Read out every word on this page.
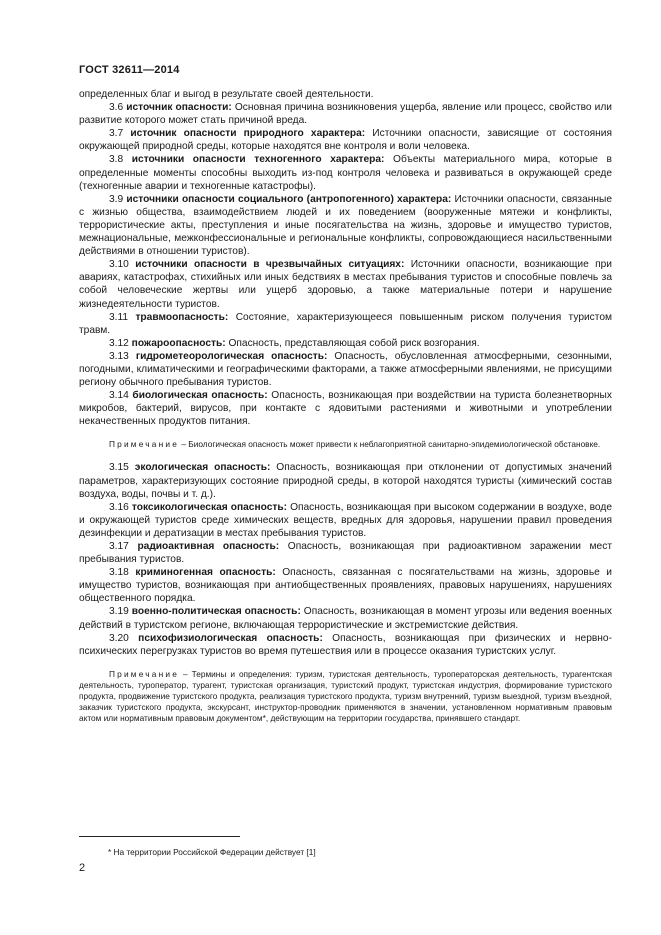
ГОСТ 32611—2014

определенных благ и выгод в результате своей деятельности.

3.6 источник опасности: Основная причина возникновения ущерба, явление или процесс, свойство или развитие которого может стать причиной вреда.

3.7 источник опасности природного характера: Источники опасности, зависящие от состояния окружающей природной среды, которые находятся вне контроля и воли человека.

3.8 источники опасности техногенного характера: Объекты материального мира, которые в определенные моменты способны выходить из-под контроля человека и развиваться в окружающей среде (техногенные аварии и техногенные катастрофы).

3.9 источники опасности социального (антропогенного) характера: Источники опасности, связанные с жизнью общества, взаимодействием людей и их поведением (вооруженные мятежи и конфликты, террористические акты, преступления и иные посягательства на жизнь, здоровье и имущество туристов, межнациональные, межконфессиональные и региональные конфликты, сопровождающиеся насильственными действиями в отношении туристов).

3.10 источники опасности в чрезвычайных ситуациях: Источники опасности, возникающие при авариях, катастрофах, стихийных или иных бедствиях в местах пребывания туристов и способные повлечь за собой человеческие жертвы или ущерб здоровью, а также материальные потери и нарушение жизнедеятельности туристов.

3.11 травмоопасность: Состояние, характеризующееся повышенным риском получения туристом травм.

3.12 пожароопасность: Опасность, представляющая собой риск возгорания.

3.13 гидрометеорологическая опасность: Опасность, обусловленная атмосферными, сезонными, погодными, климатическими и географическими факторами, а также атмосферными явлениями, не присущими региону обычного пребывания туристов.

3.14 биологическая опасность: Опасность, возникающая при воздействии на туриста болезнетворных микробов, бактерий, вирусов, при контакте с ядовитыми растениями и животными и употреблении некачественных продуктов питания.

Примечание – Биологическая опасность может привести к неблагоприятной санитарно-эпидемиологической обстановке.

3.15 экологическая опасность: Опасность, возникающая при отклонении от допустимых значений параметров, характеризующих состояние природной среды, в которой находятся туристы (химический состав воздуха, воды, почвы и т. д.).

3.16 токсикологическая опасность: Опасность, возникающая при высоком содержании в воздухе, воде и окружающей туристов среде химических веществ, вредных для здоровья, нарушении правил проведения дезинфекции и дератизации в местах пребывания туристов.

3.17 радиоактивная опасность: Опасность, возникающая при радиоактивном заражении мест пребывания туристов.

3.18 криминогенная опасность: Опасность, связанная с посягательствами на жизнь, здоровье и имущество туристов, возникающая при антиобщественных проявлениях, правовых нарушениях, нарушениях общественного порядка.

3.19 военно-политическая опасность: Опасность, возникающая в момент угрозы или ведения военных действий в туристском регионе, включающая террористические и экстремистские действия.

3.20 психофизиологическая опасность: Опасность, возникающая при физических и нервно-психических перегрузках туристов во время путешествия или в процессе оказания туристских услуг.

Примечание – Термины и определения: туризм, туристская деятельность, туроператорская деятельность, турагентская деятельность, туроператор, турагент, туристская организация, туристский продукт, туристская индустрия, формирование туристского продукта, продвижение туристского продукта, реализация туристского продукта, туризм внутренний, туризм выездной, туризм въездной, заказчик туристского продукта, экскурсант, инструктор-проводник применяются в значении, установленном нормативным правовым актом или нормативным правовым документом*, действующим на территории государства, принявшего стандарт.

* На территории Российской Федерации действует [1]
2
